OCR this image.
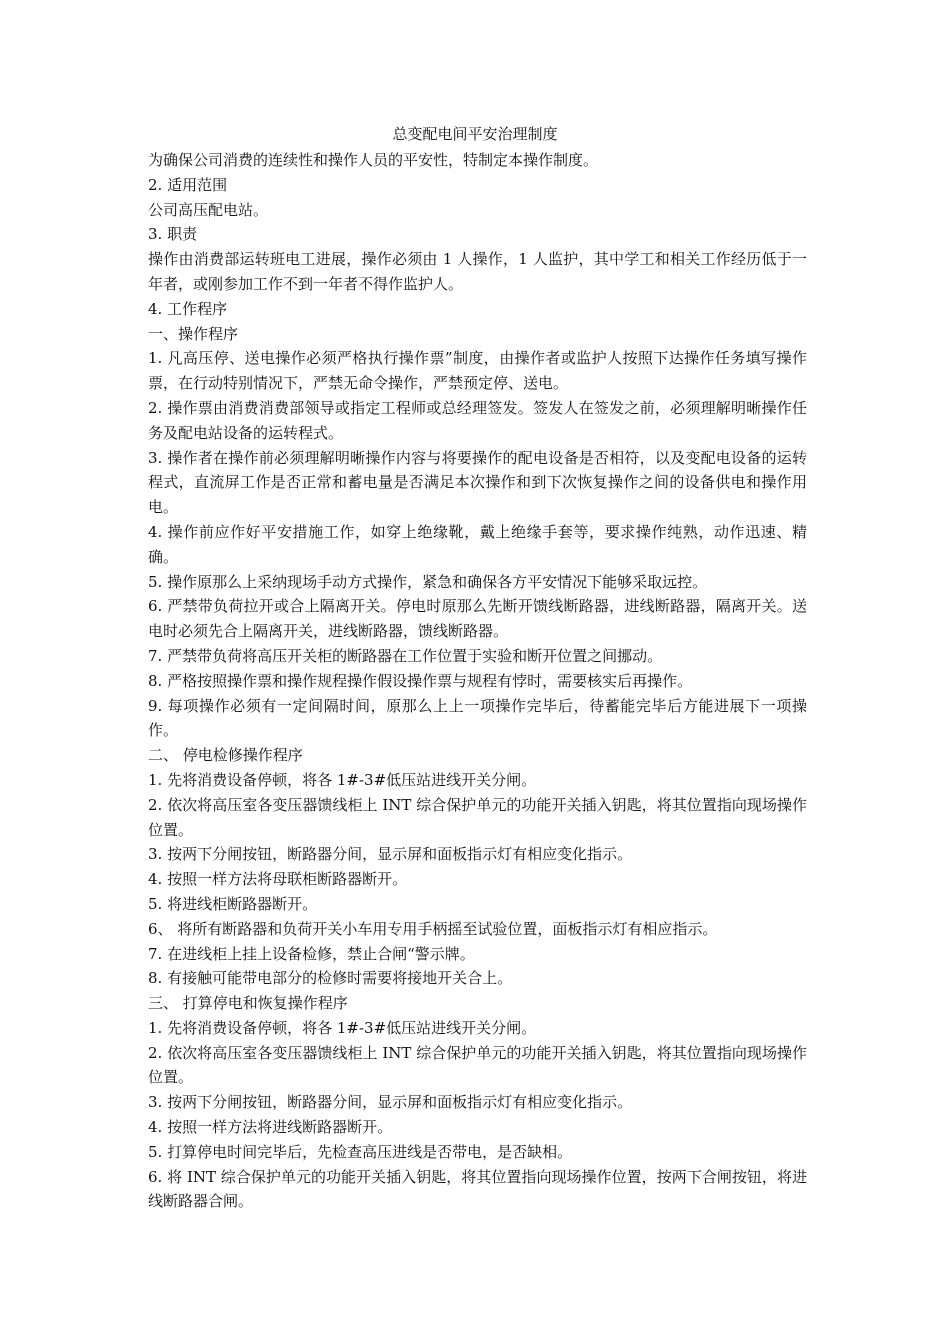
总变配电间平安治理制度

为确保公司消费的连续性和操作人员的平安性，特制定本操作制度。

2. 适用范围

公司高压配电站。

3. 职责

操作由消费部运转班电工进展，操作必须由 1 人操作，1 人监护，其中学工和相关工作经历低于一年者，或刚参加工作不到一年者不得作监护人。

4. 工作程序

一、操作程序

1. 凡高压停、送电操作必须严格执行操作票”制度，由操作者或监护人按照下达操作任务填写操作票，在行动特别情况下，严禁无命令操作，严禁预定停、送电。

2. 操作票由消费消费部领导或指定工程师或总经理签发。签发人在签发之前，必须理解明晰操作任务及配电站设备的运转程式。

3. 操作者在操作前必须理解明晰操作内容与将要操作的配电设备是否相符，以及变配电设备的运转程式，直流屏工作是否正常和蓄电量是否满足本次操作和到下次恢复操作之间的设备供电和操作用电。

4. 操作前应作好平安措施工作，如穿上绝缘靴，戴上绝缘手套等，要求操作纯熟，动作迅速、精确。

5. 操作原那么上采纳现场手动方式操作，紧急和确保各方平安情况下能够采取远控。

6. 严禁带负荷拉开或合上隔离开关。停电时原那么先断开馈线断路器，进线断路器，隔离开关。送电时必须先合上隔离开关，进线断路器，馈线断路器。

7. 严禁带负荷将高压开关柜的断路器在工作位置于实验和断开位置之间挪动。

8. 严格按照操作票和操作规程操作假设操作票与规程有悖时，需要核实后再操作。

9. 每项操作必须有一定间隔时间，原那么上上一项操作完毕后，待蓄能完毕后方能进展下一项操作。

二、 停电检修操作程序

1. 先将消费设备停顿，将各 1#-3#低压站进线开关分闸。

2. 依次将高压室各变压器馈线柜上 INT 综合保护单元的功能开关插入钥匙，将其位置指向现场操作位置。

3. 按两下分闸按钮，断路器分间，显示屏和面板指示灯有相应变化指示。

4. 按照一样方法将母联柜断路器断开。

5. 将进线柜断路器断开。

6、 将所有断路器和负荷开关小车用专用手柄摇至试验位置，面板指示灯有相应指示。

7. 在进线柜上挂上设备检修，禁止合闸“警示牌。

8. 有接触可能带电部分的检修时需要将接地开关合上。

三、 打算停电和恢复操作程序

1. 先将消费设备停顿，将各 1#-3#低压站进线开关分闸。

2. 依次将高压室各变压器馈线柜上 INT 综合保护单元的功能开关插入钥匙，将其位置指向现场操作位置。

3. 按两下分闸按钮，断路器分间，显示屏和面板指示灯有相应变化指示。

4. 按照一样方法将进线断路器断开。

5. 打算停电时间完毕后，先检查高压进线是否带电，是否缺相。

6. 将 INT 综合保护单元的功能开关插入钥匙，将其位置指向现场操作位置，按两下合闸按钮，将进线断路器合闸。
